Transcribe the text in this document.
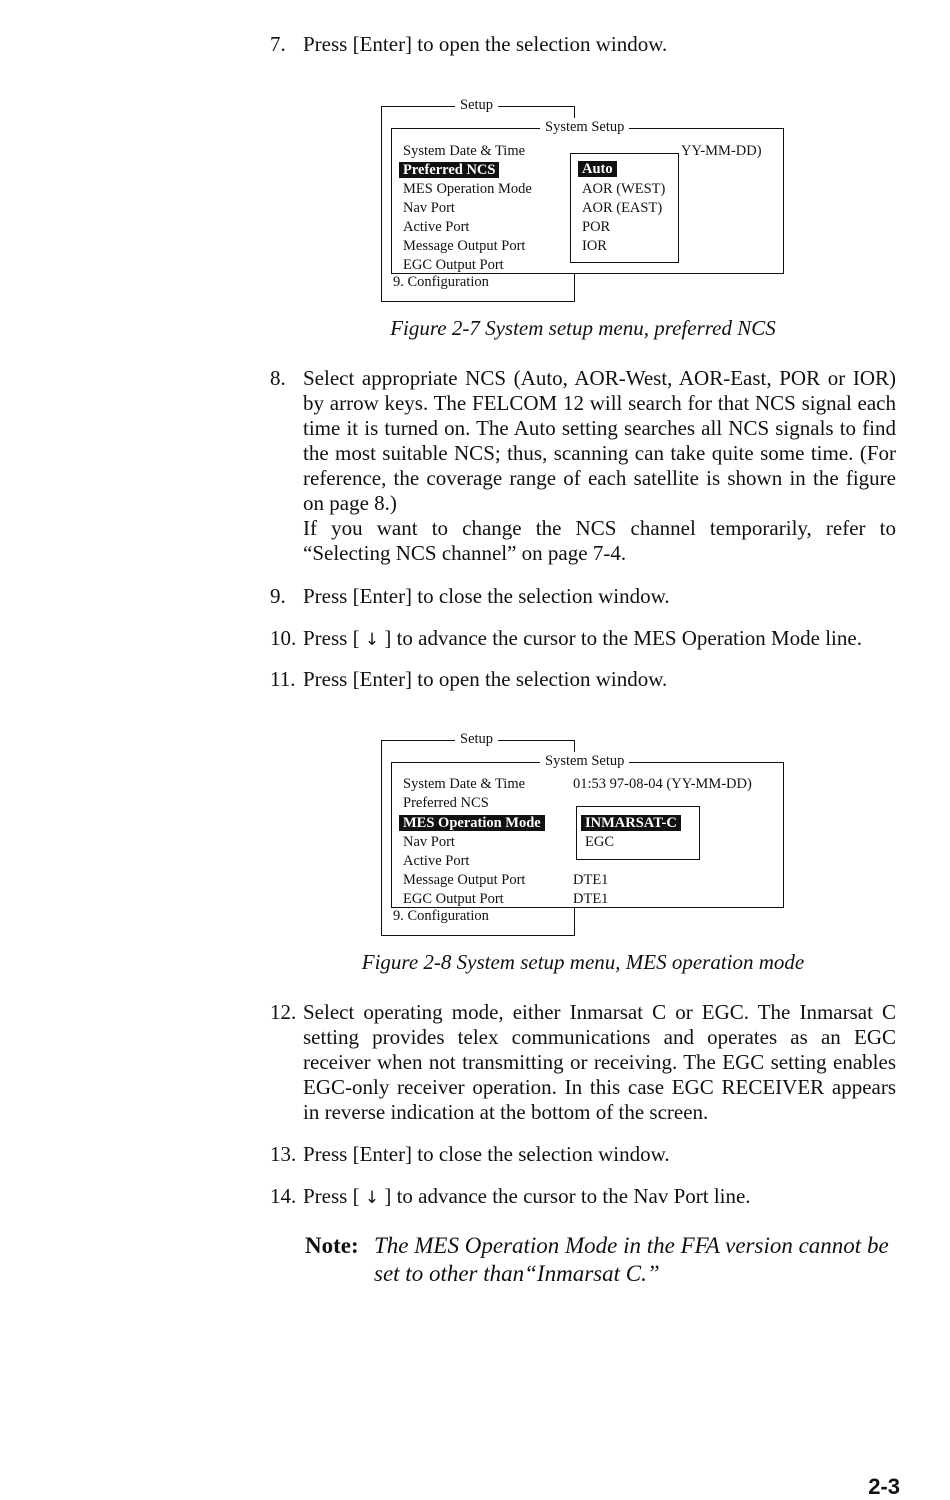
7. Press [Enter] to open the selection window.
Setup
System Setup
System Date & Time
Preferred NCS
MES Operation Mode
Nav Port
Active Port
Message Output Port
EGC Output Port
9. Configuration
YY-MM-DD)
Auto
AOR (WEST)
AOR (EAST)
POR
IOR
Figure 2-7 System setup menu, preferred NCS
8. Select appropriate NCS (Auto, AOR-West, AOR-East, POR or IOR) by arrow keys. The FELCOM 12 will search for that NCS signal each time it is turned on. The Auto setting searches all NCS signals to find the most suitable NCS; thus, scanning can take quite some time. (For reference, the coverage range of each satellite is shown in the figure on page 8.)

If you want to change the NCS channel temporarily, refer to “Selecting NCS channel” on page 7-4.

9. Press [Enter] to close the selection window.
10. Press [ ↓ ] to advance the cursor to the MES Operation Mode line.
11. Press [Enter] to open the selection window.
Setup
System Setup
System Date & Time
Preferred NCS
MES Operation Mode
Nav Port
Active Port
Message Output Port
EGC Output Port
9. Configuration
01:53 97-08-04 (YY-MM-DD)
DTE1
DTE1
INMARSAT-C
EGC
Figure 2-8 System setup menu, MES operation mode
12. Select operating mode, either Inmarsat C or EGC. The Inmarsat C setting provides telex communications and operates as an EGC receiver when not transmitting or receiving. The EGC setting enables EGC-only receiver operation. In this case EGC RECEIVER appears in reverse indication at the bottom of the screen.
13. Press [Enter] to close the selection window.
14. Press [ ↓ ] to advance the cursor to the Nav Port line.
Note: The MES Operation Mode in the FFA version cannot be set to other than“Inmarsat C.”
2-3
